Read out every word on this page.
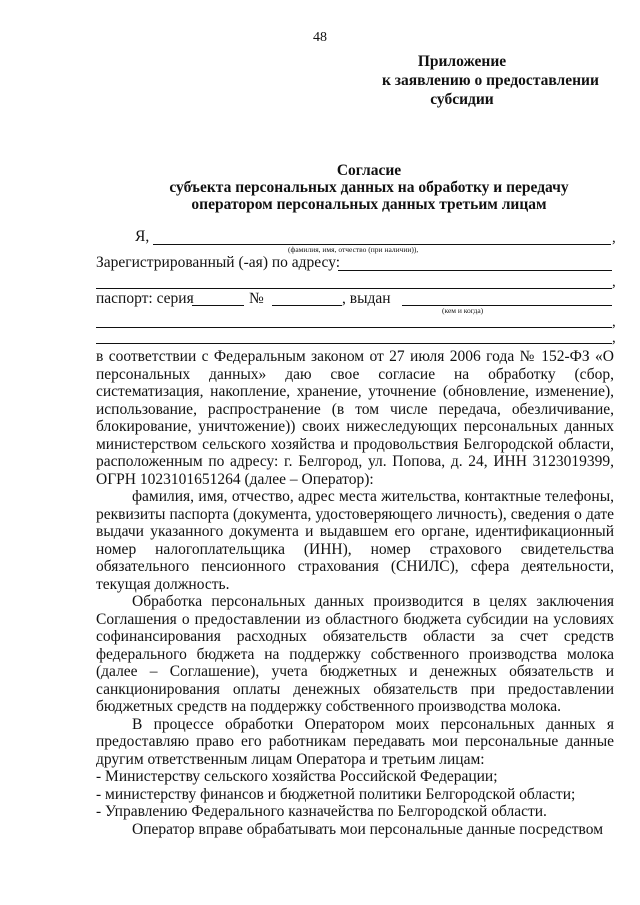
48
Приложение
к заявлению о предоставлении
субсидии
Согласие
субъекта персональных данных на обработку и передачу
оператором персональных данных третьим лицам
Я,	,
(фамилия, имя, отчество (при наличии)),
Зарегистрированный (-ая) по адресу:
,
паспорт: серия	№	, выдан
(кем и когда)
,
,

в соответствии с Федеральным законом от 27 июля 2006 года № 152-ФЗ «О персональных данных» даю свое согласие на обработку (сбор, систематизация, накопление, хранение, уточнение (обновление, изменение), использование, распространение (в том числе передача, обезличивание, блокирование, уничтожение)) своих нижеследующих персональных данных министерством сельского хозяйства и продовольствия Белгородской области, расположенным по адресу: г. Белгород, ул. Попова, д. 24, ИНН 3123019399, ОГРН 1023101651264 (далее – Оператор):

фамилия, имя, отчество, адрес места жительства, контактные телефоны, реквизиты паспорта (документа, удостоверяющего личность), сведения о дате выдачи указанного документа и выдавшем его органе, идентификационный номер налогоплательщика (ИНН), номер страхового свидетельства обязательного пенсионного страхования (СНИЛС), сфера деятельности, текущая должность.

Обработка персональных данных производится в целях заключения Соглашения о предоставлении из областного бюджета субсидии на условиях софинансирования расходных обязательств области за счет средств федерального бюджета на поддержку собственного производства молока (далее – Соглашение), учета бюджетных и денежных обязательств и санкционирования оплаты денежных обязательств при предоставлении бюджетных средств на поддержку собственного производства молока.

В процессе обработки Оператором моих персональных данных я предоставляю право его работникам передавать мои персональные данные другим ответственным лицам Оператора и третьим лицам:

- Министерству сельского хозяйства Российской Федерации;

- министерству финансов и бюджетной политики Белгородской области;

- Управлению Федерального казначейства по Белгородской области.

Оператор вправе обрабатывать мои персональные данные посредством
